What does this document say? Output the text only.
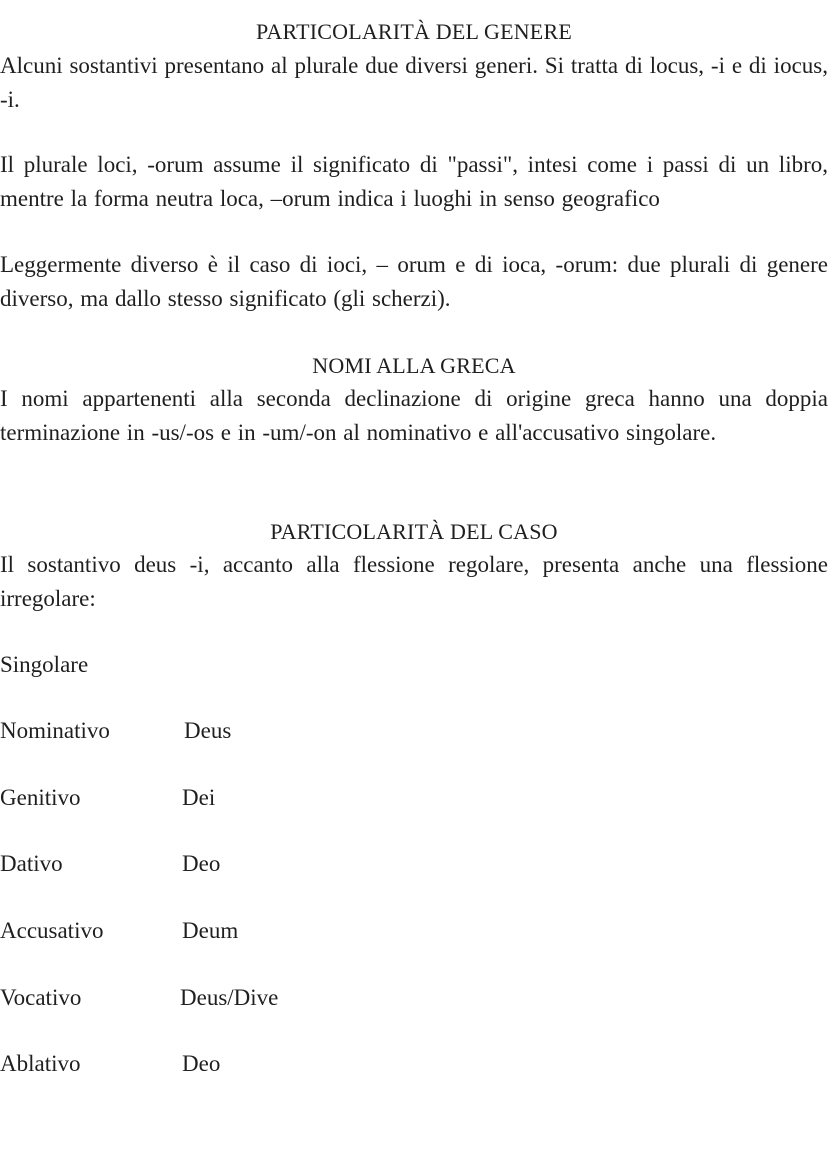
PARTICOLARITÀ DEL GENERE
Alcuni sostantivi presentano al plurale due diversi generi. Si tratta di locus, -i e di iocus, -i.
Il plurale loci, -orum assume il significato di "passi", intesi come i passi di un libro, mentre la forma neutra loca, –orum indica i luoghi in senso geografico
Leggermente diverso è il caso di ioci, – orum e di ioca, -orum: due plurali di genere diverso, ma dallo stesso significato (gli scherzi).
NOMI ALLA GRECA
I nomi appartenenti alla seconda declinazione di origine greca hanno una doppia terminazione in -us/-os e in -um/-on al nominativo e all'accusativo singolare.
PARTICOLARITÀ DEL CASO
Il sostantivo deus -i, accanto alla flessione regolare, presenta anche una flessione irregolare:
Singolare
Nominativo	Deus
Genitivo	Dei
Dativo	Deo
Accusativo	Deum
Vocativo	Deus/Dive
Ablativo	Deo
